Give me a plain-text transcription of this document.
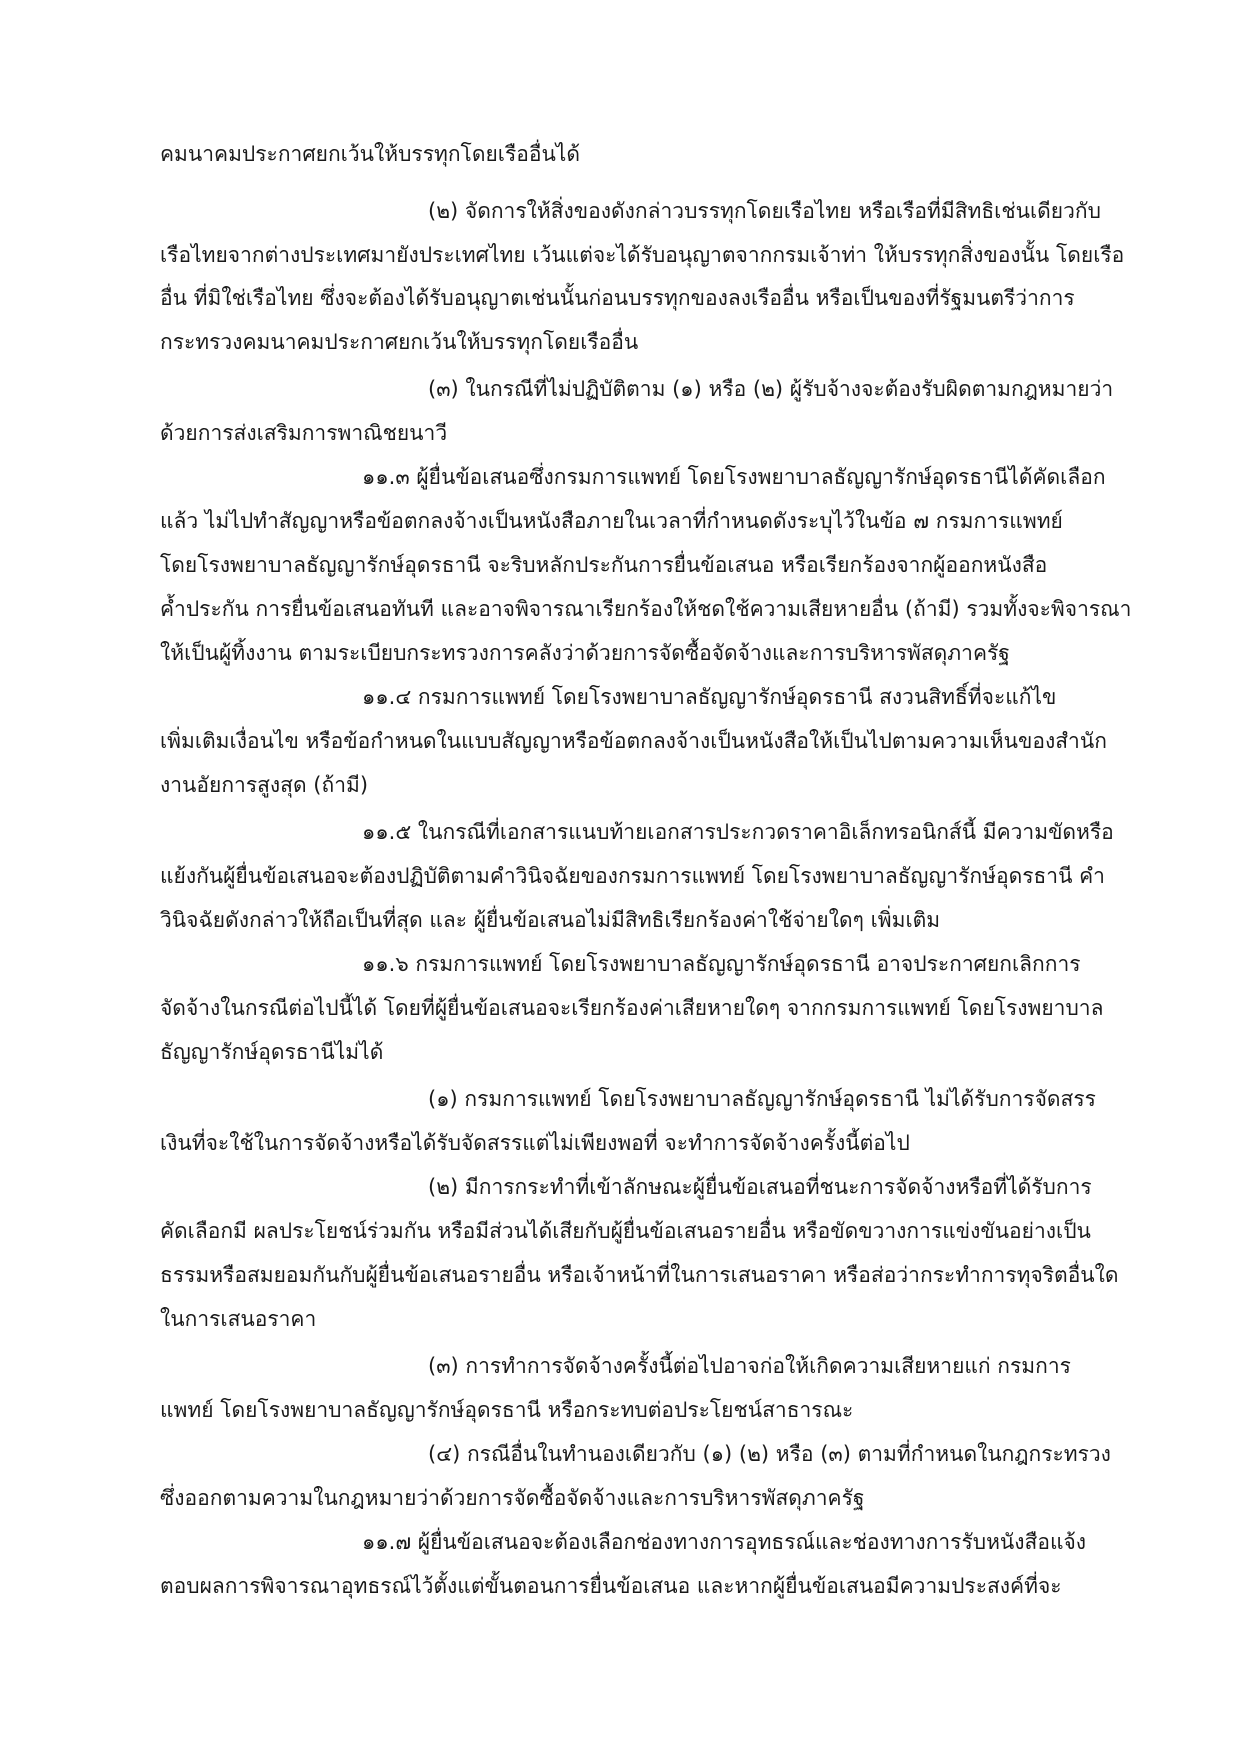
คมนาคมประกาศยกเว้นให้บรรทุกโดยเรืออื่นได้

(๒) จัดการให้สิ่งของดังกล่าวบรรทุกโดยเรือไทย หรือเรือที่มีสิทธิเช่นเดียวกับ

เรือไทยจากต่างประเทศมายังประเทศไทย เว้นแต่จะได้รับอนุญาตจากกรมเจ้าท่า ให้บรรทุกสิ่งของนั้น โดยเรือ

อื่น ที่มิใช่เรือไทย ซึ่งจะต้องได้รับอนุญาตเช่นนั้นก่อนบรรทุกของลงเรืออื่น หรือเป็นของที่รัฐมนตรีว่าการ

กระทรวงคมนาคมประกาศยกเว้นให้บรรทุกโดยเรืออื่น

(๓) ในกรณีที่ไม่ปฏิบัติตาม (๑) หรือ (๒) ผู้รับจ้างจะต้องรับผิดตามกฎหมายว่า

ด้วยการส่งเสริมการพาณิชยนาวี

๑๑.๓ ผู้ยื่นข้อเสนอซึ่งกรมการแพทย์ โดยโรงพยาบาลธัญญารักษ์อุดรธานีได้คัดเลือก

แล้ว ไม่ไปทำสัญญาหรือข้อตกลงจ้างเป็นหนังสือภายในเวลาที่กำหนดดังระบุไว้ในข้อ ๗ กรมการแพทย์

โดยโรงพยาบาลธัญญารักษ์อุดรธานี จะริบหลักประกันการยื่นข้อเสนอ หรือเรียกร้องจากผู้ออกหนังสือ

ค้ำประกัน การยื่นข้อเสนอทันที และอาจพิจารณาเรียกร้องให้ชดใช้ความเสียหายอื่น (ถ้ามี) รวมทั้งจะพิจารณา

ให้เป็นผู้ทิ้งงาน ตามระเบียบกระทรวงการคลังว่าด้วยการจัดซื้อจัดจ้างและการบริหารพัสดุภาครัฐ

๑๑.๔ กรมการแพทย์ โดยโรงพยาบาลธัญญารักษ์อุดรธานี สงวนสิทธิ์ที่จะแก้ไข

เพิ่มเติมเงื่อนไข หรือข้อกำหนดในแบบสัญญาหรือข้อตกลงจ้างเป็นหนังสือให้เป็นไปตามความเห็นของสำนัก

งานอัยการสูงสุด (ถ้ามี)

๑๑.๕ ในกรณีที่เอกสารแนบท้ายเอกสารประกวดราคาอิเล็กทรอนิกส์นี้ มีความขัดหรือ

แย้งกันผู้ยื่นข้อเสนอจะต้องปฏิบัติตามคำวินิจฉัยของกรมการแพทย์ โดยโรงพยาบาลธัญญารักษ์อุดรธานี คำ

วินิจฉัยดังกล่าวให้ถือเป็นที่สุด และ ผู้ยื่นข้อเสนอไม่มีสิทธิเรียกร้องค่าใช้จ่ายใดๆ เพิ่มเติม

๑๑.๖ กรมการแพทย์ โดยโรงพยาบาลธัญญารักษ์อุดรธานี อาจประกาศยกเลิกการ

จัดจ้างในกรณีต่อไปนี้ได้ โดยที่ผู้ยื่นข้อเสนอจะเรียกร้องค่าเสียหายใดๆ จากกรมการแพทย์ โดยโรงพยาบาล

ธัญญารักษ์อุดรธานีไม่ได้

(๑) กรมการแพทย์ โดยโรงพยาบาลธัญญารักษ์อุดรธานี ไม่ได้รับการจัดสรร

เงินที่จะใช้ในการจัดจ้างหรือได้รับจัดสรรแต่ไม่เพียงพอที่ จะทำการจัดจ้างครั้งนี้ต่อไป

(๒) มีการกระทำที่เข้าลักษณะผู้ยื่นข้อเสนอที่ชนะการจัดจ้างหรือที่ได้รับการ

คัดเลือกมี ผลประโยชน์ร่วมกัน หรือมีส่วนได้เสียกับผู้ยื่นข้อเสนอรายอื่น หรือขัดขวางการแข่งขันอย่างเป็น

ธรรมหรือสมยอมกันกับผู้ยื่นข้อเสนอรายอื่น หรือเจ้าหน้าที่ในการเสนอราคา หรือส่อว่ากระทำการทุจริตอื่นใด

ในการเสนอราคา

(๓) การทำการจัดจ้างครั้งนี้ต่อไปอาจก่อให้เกิดความเสียหายแก่ กรมการ

แพทย์ โดยโรงพยาบาลธัญญารักษ์อุดรธานี หรือกระทบต่อประโยชน์สาธารณะ

(๔) กรณีอื่นในทำนองเดียวกับ (๑) (๒) หรือ (๓) ตามที่กำหนดในกฎกระทรวง

ซึ่งออกตามความในกฎหมายว่าด้วยการจัดซื้อจัดจ้างและการบริหารพัสดุภาครัฐ

๑๑.๗ ผู้ยื่นข้อเสนอจะต้องเลือกช่องทางการอุทธรณ์และช่องทางการรับหนังสือแจ้ง

ตอบผลการพิจารณาอุทธรณ์ไว้ตั้งแต่ขั้นตอนการยื่นข้อเสนอ และหากผู้ยื่นข้อเสนอมีความประสงค์ที่จะ
